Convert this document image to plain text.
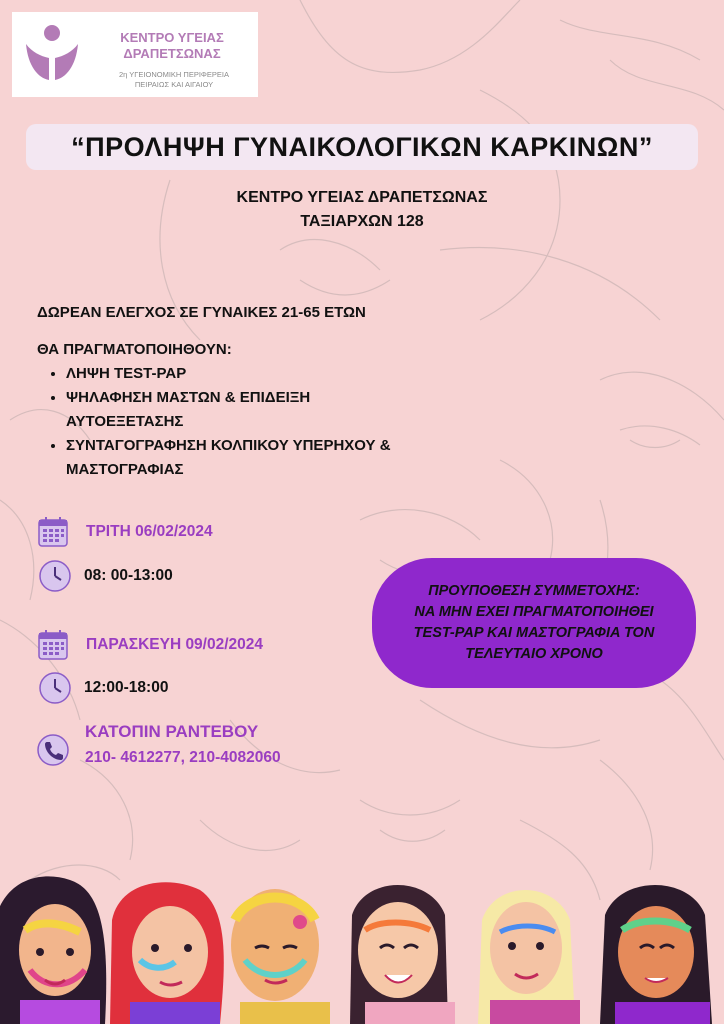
ΚΕΝΤΡΟ ΥΓΕΙΑΣ
ΔΡΑΠΕΤΣΩΝΑΣ
2η ΥΓΕΙΟΝΟΜΙΚΗ ΠΕΡΙΦΕΡΕΙΑ
ΠΕΙΡΑΙΩΣ ΚΑΙ ΑΙΓΑΙΟΥ
“ΠΡΟΛΗΨΗ ΓΥΝΑΙΚΟΛΟΓΙΚΩΝ ΚΑΡΚΙΝΩΝ”
ΚΕΝΤΡΟ ΥΓΕΙΑΣ ΔΡΑΠΕΤΣΩΝΑΣ
ΤΑΞΙΑΡΧΩΝ 128
ΔΩΡΕΑΝ ΕΛΕΓΧΟΣ ΣΕ ΓΥΝΑΙΚΕΣ 21-65 ΕΤΩΝ
ΘΑ ΠΡΑΓΜΑΤΟΠΟΙΗΘΟΥΝ:
• ΛΗΨΗ TEST-PAP
• ΨΗΛΑΦΗΣΗ ΜΑΣΤΩΝ & ΕΠΙΔΕΙΞΗ
ΑΥΤΟΕΞΕΤΑΣΗΣ
• ΣΥΝΤΑΓΟΓΡΑΦΗΣΗ ΚΟΛΠΙΚΟΥ ΥΠΕΡΗΧΟΥ &
ΜΑΣΤΟΓΡΑΦΙΑΣ
ΤΡΙΤΗ 06/02/2024
08: 00-13:00
ΠΑΡΑΣΚΕΥΗ 09/02/2024
12:00-18:00
ΚΑΤΟΠΙΝ ΡΑΝΤΕΒΟΥ
210- 4612277, 210-4082060
ΠΡΟΥΠΟΘΕΣΗ ΣΥΜΜΕΤΟΧΗΣ:
ΝΑ ΜΗΝ ΕΧΕΙ ΠΡΑΓΜΑΤΟΠΟΙΗΘΕΙ
TEST-PAP ΚΑΙ ΜΑΣΤΟΓΡΑΦΙΑ ΤΟΝ
ΤΕΛΕΥΤΑΙΟ ΧΡΟΝΟ
